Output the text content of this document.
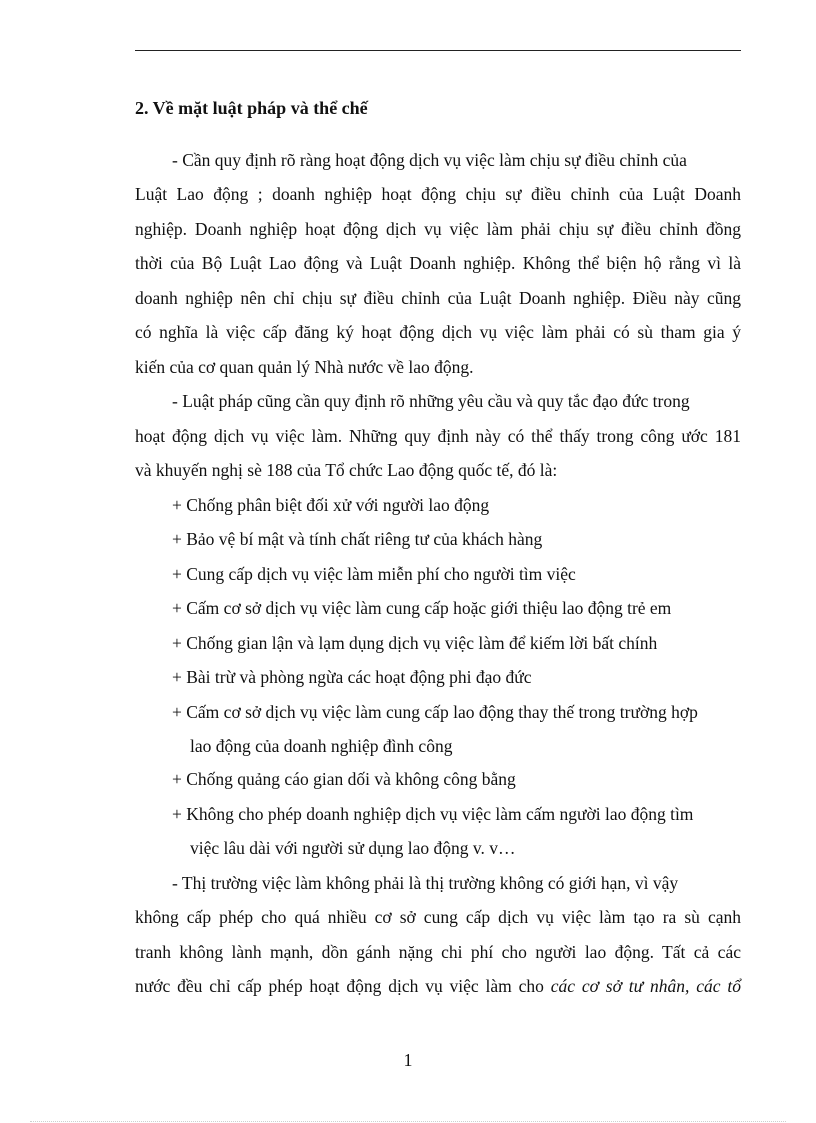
2. Về mặt luật pháp và thể chế
- Cần quy định rõ ràng hoạt động dịch vụ việc làm chịu sự điều chỉnh của
Luật Lao động ; doanh nghiệp hoạt động chịu sự điều chỉnh của Luật Doanh
nghiệp. Doanh nghiệp hoạt động dịch vụ việc làm phải chịu sự điều chỉnh đồng
thời của Bộ Luật Lao động và Luật Doanh nghiệp. Không thể biện hộ rằng vì là
doanh nghiệp nên chỉ chịu sự điều chỉnh của Luật Doanh nghiệp. Điều này cũng
có nghĩa là việc cấp đăng ký hoạt động dịch vụ việc làm phải có sù tham gia ý
kiến của cơ quan quản lý Nhà nước về lao động.
- Luật pháp cũng cần quy định rõ những yêu cầu và quy tắc đạo đức trong
hoạt động dịch vụ việc làm. Những quy định này có thể thấy trong công ước 181
và khuyến nghị sè 188 của Tổ chức Lao động quốc tế, đó là:
+ Chống phân biệt đối xử với người lao động
+ Bảo vệ bí mật và tính chất riêng tư của khách hàng
+ Cung cấp dịch vụ việc làm miễn phí cho người tìm việc
+ Cấm cơ sở dịch vụ việc làm cung cấp hoặc giới thiệu lao động trẻ em
+ Chống gian lận và lạm dụng dịch vụ việc làm để kiếm lời bất chính
+ Bài trừ và phòng ngừa các hoạt động phi đạo đức
+ Cấm cơ sở dịch vụ việc làm cung cấp lao động thay thế trong trường hợp
lao động của doanh nghiệp đình công
+ Chống quảng cáo gian dối và không công bằng
+ Không cho phép doanh nghiệp dịch vụ việc làm cấm người lao động tìm
việc lâu dài với người sử dụng lao động v. v…
- Thị trường việc làm không phải là thị trường không có giới hạn, vì vậy
không cấp phép cho quá nhiều cơ sở cung cấp dịch vụ việc làm tạo ra sù cạnh
tranh không lành mạnh, dồn gánh nặng chi phí cho người lao động. Tất cả các
nước đều chỉ cấp phép hoạt động dịch vụ việc làm cho các cơ sở tư nhân, các tổ
1
